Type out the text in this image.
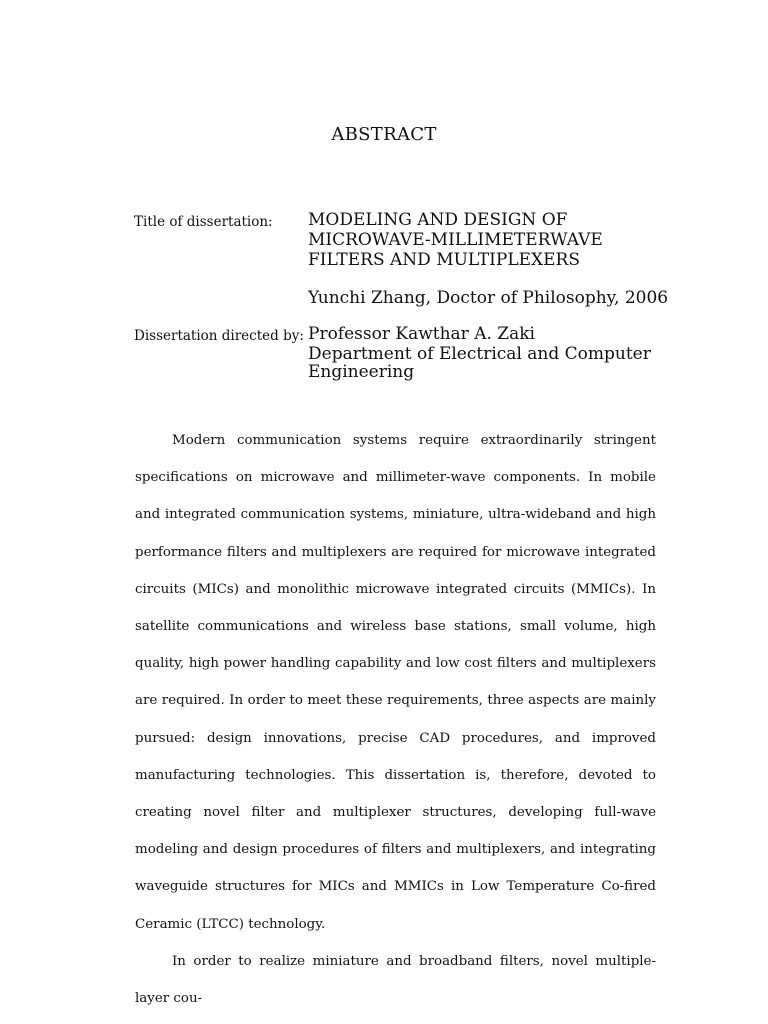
ABSTRACT
Title of dissertation: MODELING AND DESIGN OF
MICROWAVE-MILLIMETERWAVE
FILTERS AND MULTIPLEXERS
Yunchi Zhang, Doctor of Philosophy, 2006
Dissertation directed by: Professor Kawthar A. Zaki
Department of Electrical and Computer
Engineering

Modern communication systems require extraordinarily stringent specifications on microwave and millimeter-wave components. In mobile and integrated communication systems, miniature, ultra-wideband and high performance filters and multiplexers are required for microwave integrated circuits (MICs) and monolithic microwave integrated circuits (MMICs). In satellite communications and wireless base stations, small volume, high quality, high power handling capability and low cost filters and multiplexers are required. In order to meet these requirements, three aspects are mainly pursued: design innovations, precise CAD procedures, and improved manufacturing technologies. This dissertation is, therefore, devoted to creating novel filter and multiplexer structures, developing full-wave modeling and design procedures of filters and multiplexers, and integrating waveguide structures for MICs and MMICs in Low Temperature Co-fired Ceramic (LTCC) technology.

In order to realize miniature and broadband filters, novel multiple-layer cou-
